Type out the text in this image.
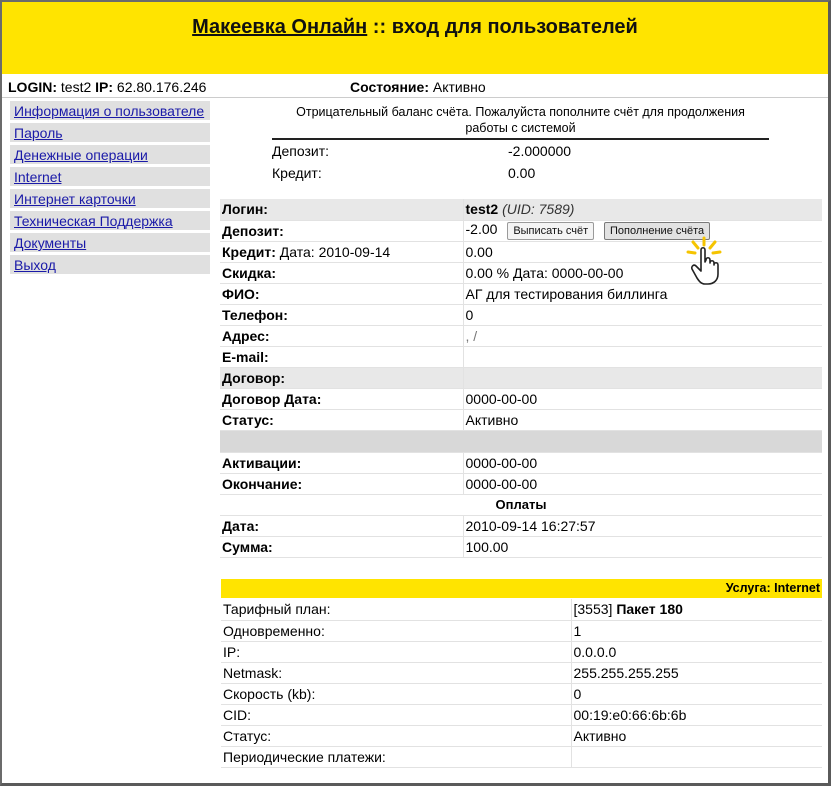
Макеевка Онлайн :: вход для пользователей
LOGIN: test2 IP: 62.80.176.246	Состояние: Активно
Информация о пользователе
Пароль
Денежные операции
Internet
Интернет карточки
Техническая Поддержка
Документы
Выход
Отрицательный баланс счёта. Пожалуйста пополните счёт для продолжения
работы с системой
Депозит:	-2.000000
Кредит:	0.00
Логин:	test2 (UID: 7589)
Депозит:	-2.00 Выписать счёт Пополнение счёта
Кредит: Дата: 2010-09-14	0.00
Скидка:	0.00 % Дата: 0000-00-00
ФИО:	АГ для тестирования биллинга
Телефон:	0
Адрес:	, /
E-mail:	
Договор:	
Договор Дата:	0000-00-00
Статус:	Активно

Активации:	0000-00-00
Окончание:	0000-00-00
Оплаты	
Дата:	2010-09-14 16:27:57
Сумма:	100.00
Услуга: Internet
Тарифный план:	[3553] Пакет 180
Одновременно:	1
IP:	0.0.0.0
Netmask:	255.255.255.255
Скорость (kb):	0
CID:	00:19:e0:66:6b:6b
Статус:	Активно
Периодические платежи:	
